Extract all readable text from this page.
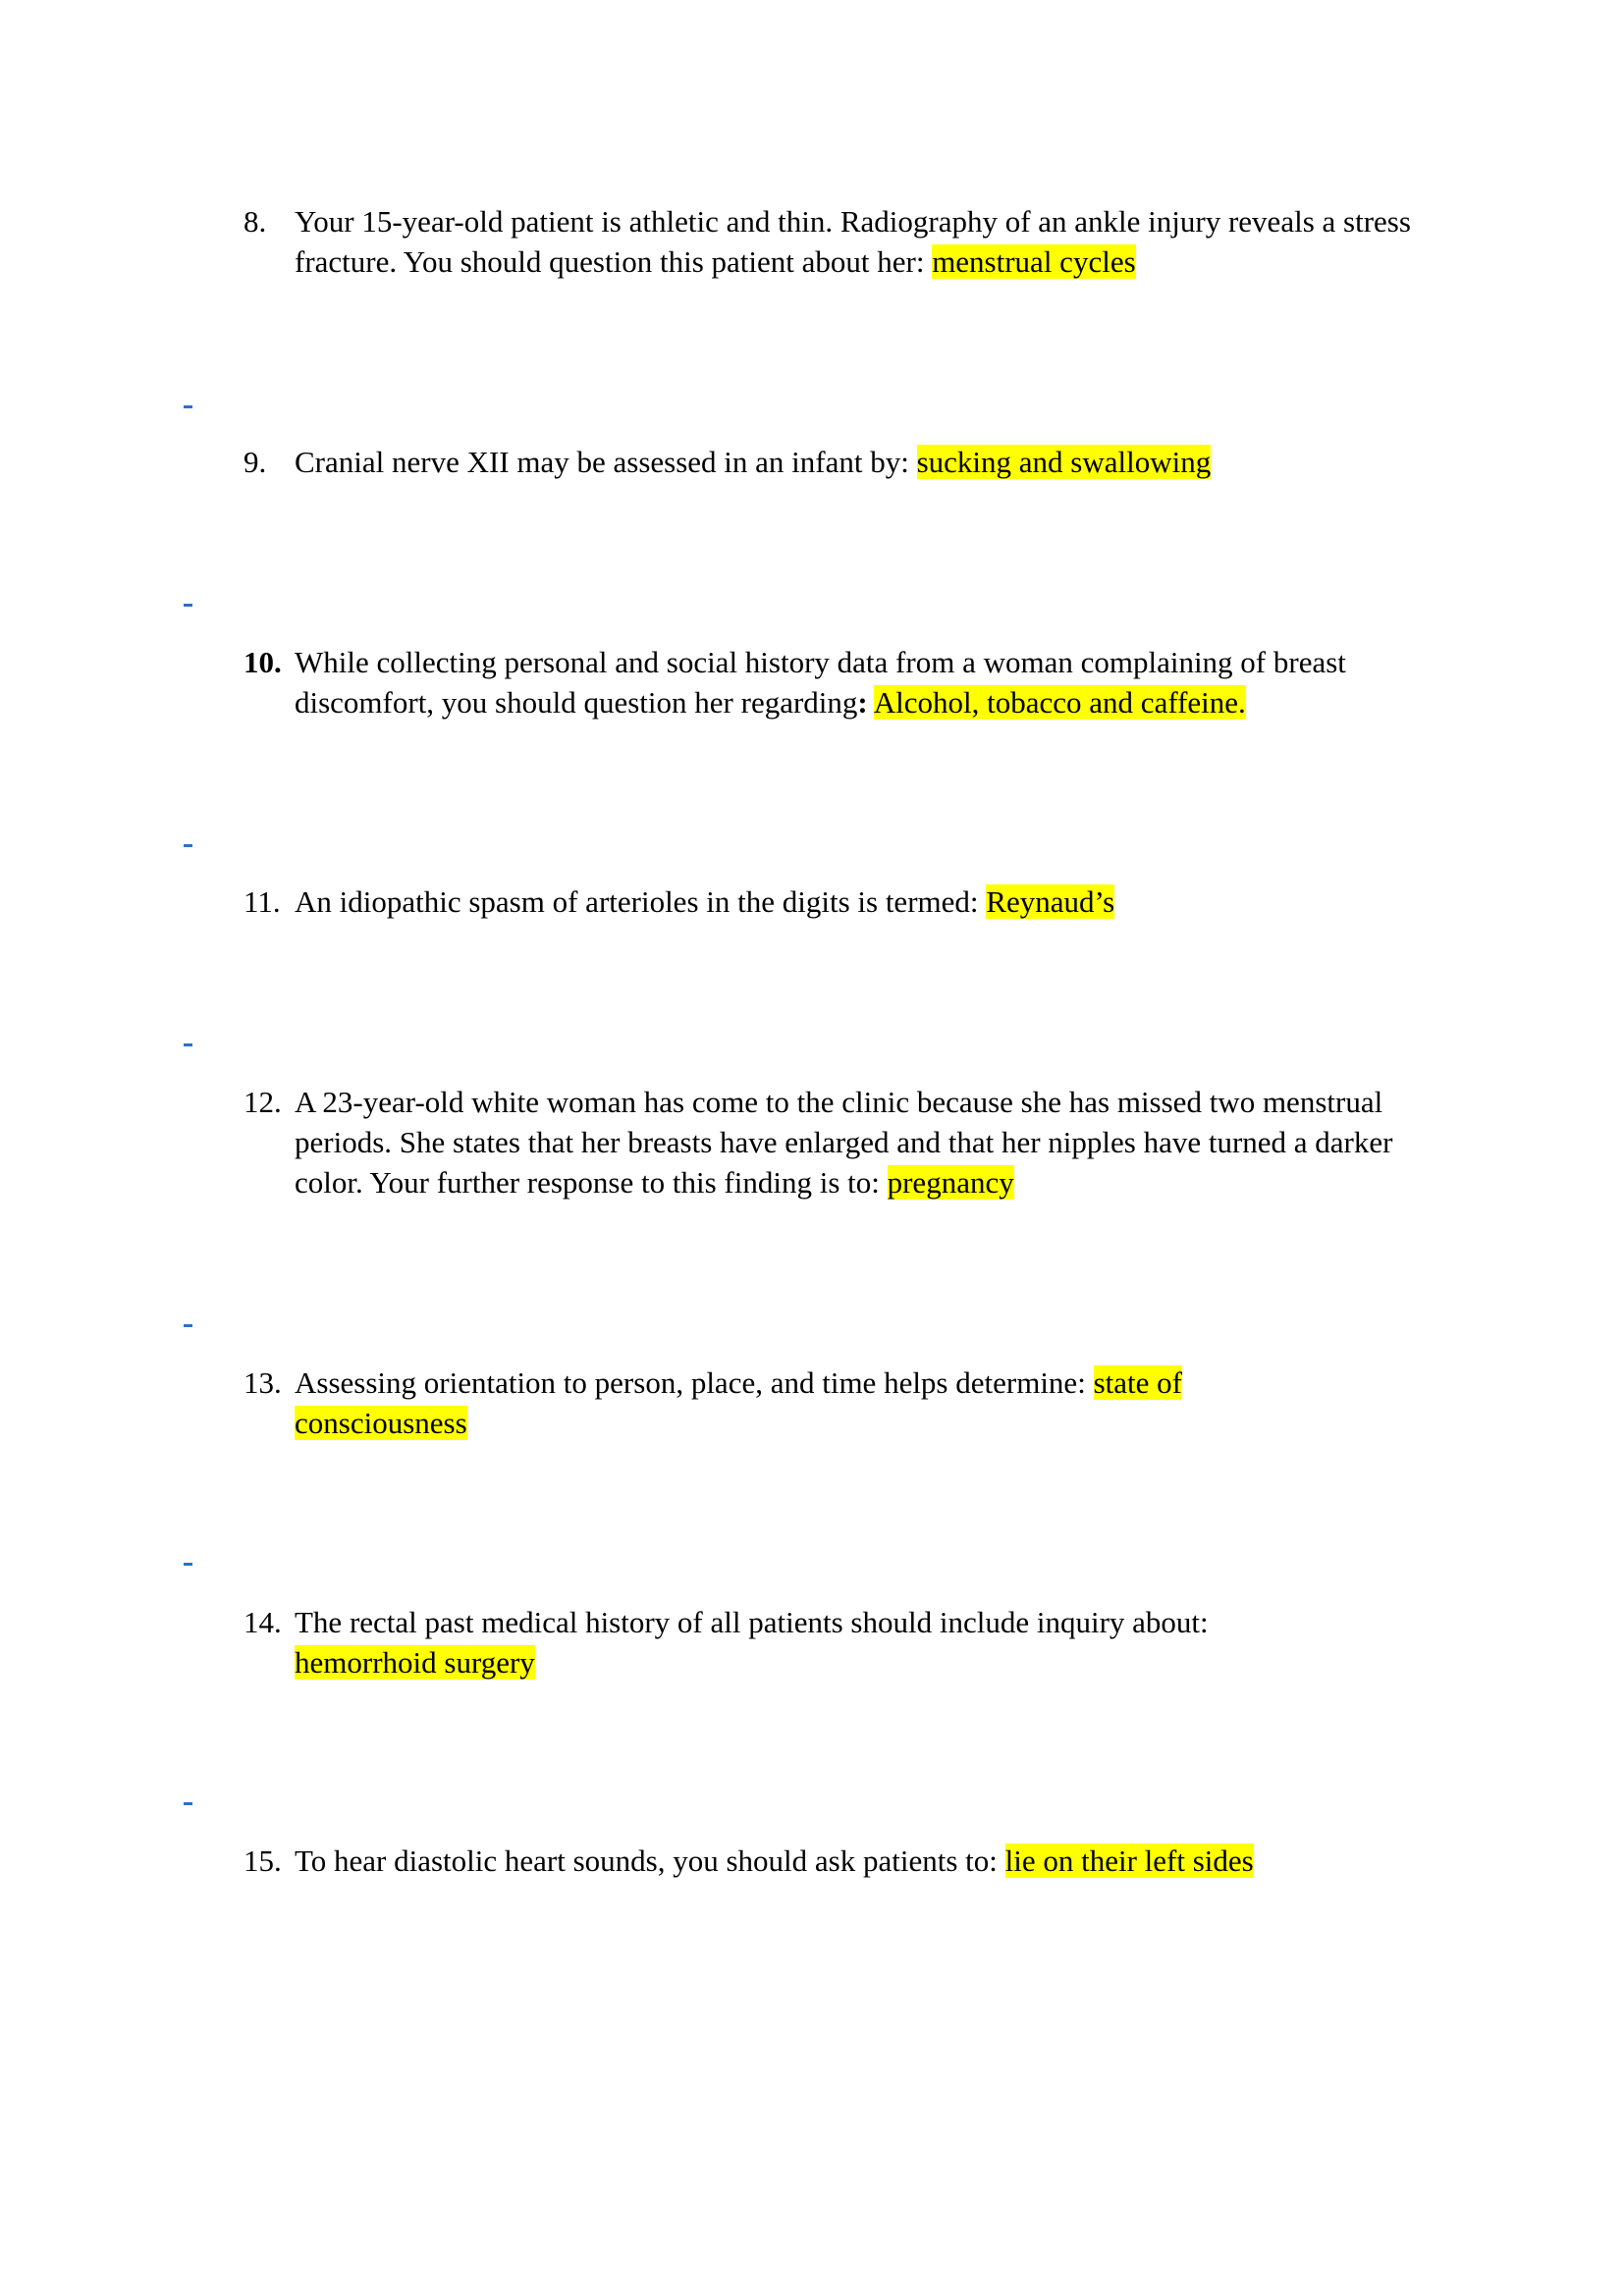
8. Your 15-year-old patient is athletic and thin. Radiography of an ankle injury reveals a stress fracture. You should question this patient about her: menstrual cycles
9. Cranial nerve XII may be assessed in an infant by: sucking and swallowing
10. While collecting personal and social history data from a woman complaining of breast discomfort, you should question her regarding: Alcohol, tobacco and caffeine.
11. An idiopathic spasm of arterioles in the digits is termed: Reynaud’s
12. A 23-year-old white woman has come to the clinic because she has missed two menstrual periods. She states that her breasts have enlarged and that her nipples have turned a darker color. Your further response to this finding is to: pregnancy
13. Assessing orientation to person, place, and time helps determine: state of consciousness
14. The rectal past medical history of all patients should include inquiry about: hemorrhoid surgery
15. To hear diastolic heart sounds, you should ask patients to: lie on their left sides
